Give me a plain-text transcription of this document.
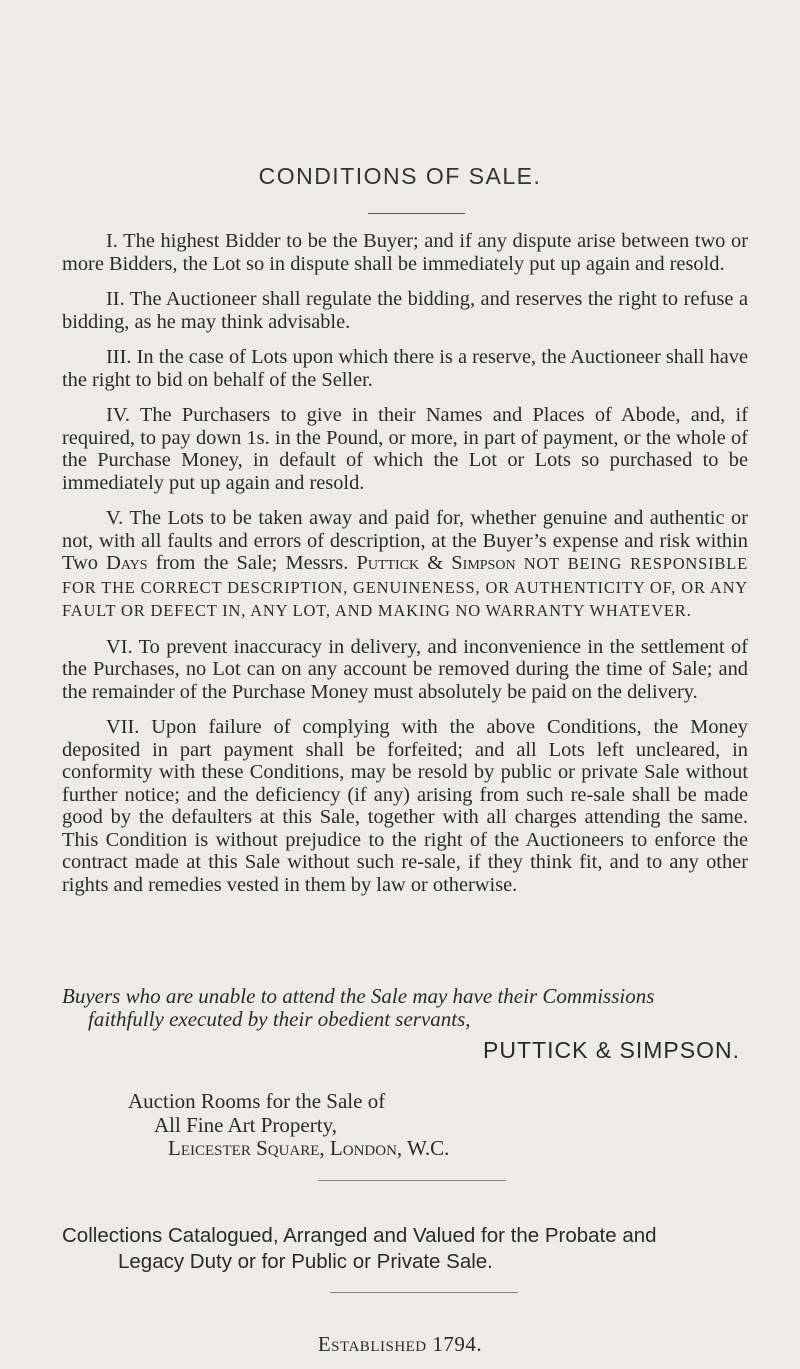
CONDITIONS OF SALE.

I. The highest Bidder to be the Buyer; and if any dispute arise between two or more Bidders, the Lot so in dispute shall be immediately put up again and resold.

II. The Auctioneer shall regulate the bidding, and reserves the right to refuse a bidding, as he may think advisable.

III. In the case of Lots upon which there is a reserve, the Auctioneer shall have the right to bid on behalf of the Seller.

IV. The Purchasers to give in their Names and Places of Abode, and, if required, to pay down 1s. in the Pound, or more, in part of payment, or the whole of the Purchase Money, in default of which the Lot or Lots so purchased to be immediately put up again and resold.

V. The Lots to be taken away and paid for, whether genuine and authentic or not, with all faults and errors of description, at the Buyer’s expense and risk within Two Days from the Sale; Messrs. Puttick & Simpson NOT BEING RESPONSIBLE FOR THE CORRECT DESCRIPTION, GENUINENESS, OR AUTHENTICITY OF, OR ANY FAULT OR DEFECT IN, ANY LOT, AND MAKING NO WARRANTY WHATEVER.

VI. To prevent inaccuracy in delivery, and inconvenience in the settlement of the Purchases, no Lot can on any account be removed during the time of Sale; and the remainder of the Purchase Money must absolutely be paid on the delivery.

VII. Upon failure of complying with the above Conditions, the Money deposited in part payment shall be forfeited; and all Lots left uncleared, in conformity with these Conditions, may be resold by public or private Sale without further notice; and the deficiency (if any) arising from such re-sale shall be made good by the defaulters at this Sale, together with all charges attending the same. This Condition is without prejudice to the right of the Auctioneers to enforce the contract made at this Sale without such re-sale, if they think fit, and to any other rights and remedies vested in them by law or otherwise.

Buyers who are unable to attend the Sale may have their Commissions
faithfully executed by their obedient servants,
PUTTICK & SIMPSON.
Auction Rooms for the Sale of
All Fine Art Property,
Leicester Square, London, W.C.
Collections Catalogued, Arranged and Valued for the Probate and
Legacy Duty or for Public or Private Sale.
Established 1794.
